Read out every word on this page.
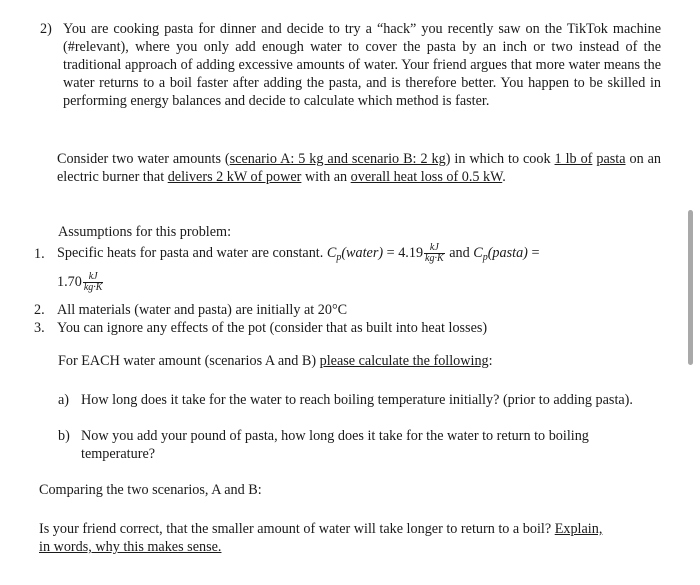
2) You are cooking pasta for dinner and decide to try a “hack” you recently saw on the TikTok machine (#relevant), where you only add enough water to cover the pasta by an inch or two instead of the traditional approach of adding excessive amounts of water. Your friend argues that more water means the water returns to a boil faster after adding the pasta, and is therefore better. You happen to be skilled in performing energy balances and decide to calculate which method is faster.
Consider two water amounts (scenario A: 5 kg and scenario B: 2 kg) in which to cook 1 lb of pasta on an electric burner that delivers 2 kW of power with an overall heat loss of 0.5 kW.
Assumptions for this problem:
1. Specific heats for pasta and water are constant. $C_p(water) = 4.19 \frac{kJ}{kg\cdot K}$ and $C_p(pasta)$ =
$1.70 \frac{kJ}{kg\cdot K}$
2. All materials (water and pasta) are initially at 20°C
3. You can ignore any effects of the pot (consider that as built into heat losses)
For EACH water amount (scenarios A and B) please calculate the following:
a) How long does it take for the water to reach boiling temperature initially? (prior to adding pasta).
b) Now you add your pound of pasta, how long does it take for the water to return to boiling temperature?
Comparing the two scenarios, A and B:
Is your friend correct, that the smaller amount of water will take longer to return to a boil? Explain,
in words, why this makes sense.
